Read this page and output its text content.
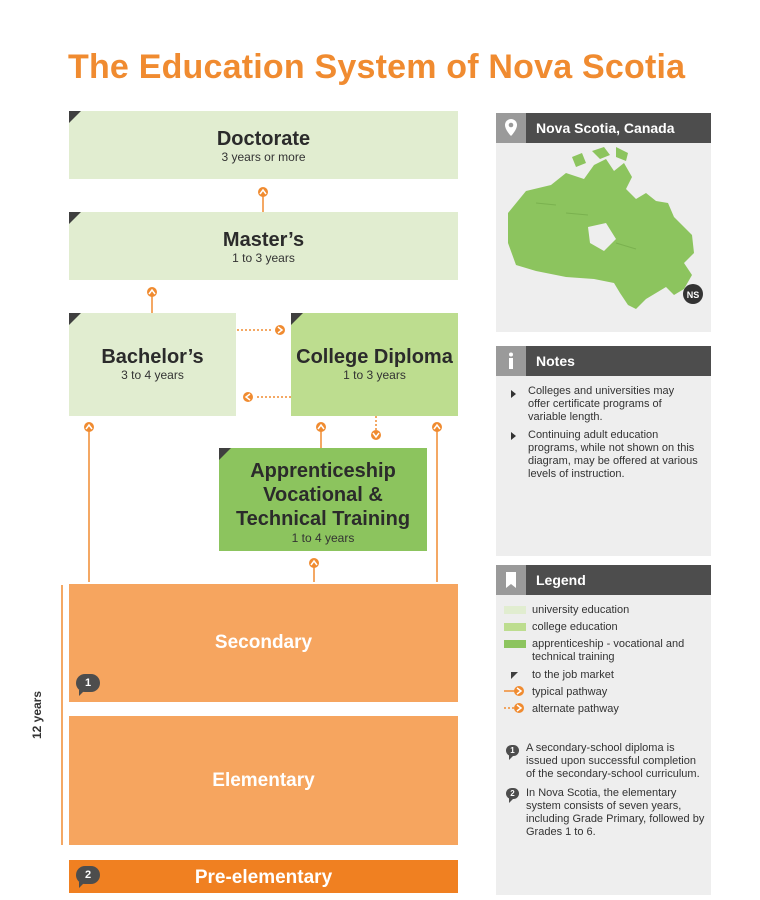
The Education System of Nova Scotia
Doctorate
3 years or more
Master’s
1 to 3 years
Bachelor’s
3 to 4 years
College Diploma
1 to 3 years
Apprenticeship
Vocational &
Technical Training
1 to 4 years
Secondary
1
Elementary
12 years
Pre-elementary
2
Nova Scotia, Canada
NS
Notes
Colleges and universities may offer certificate programs of variable length.
Continuing adult education programs, while not shown on this diagram, may be offered at various levels of instruction.
Legend
university education
college education
apprenticeship - vocational and technical training
to the job market
typical pathway
alternate pathway
1	A secondary-school diploma is issued upon successful completion of the secondary-school curriculum.
2	In Nova Scotia, the elementary system consists of seven years, including Grade Primary, followed by Grades 1 to 6.
